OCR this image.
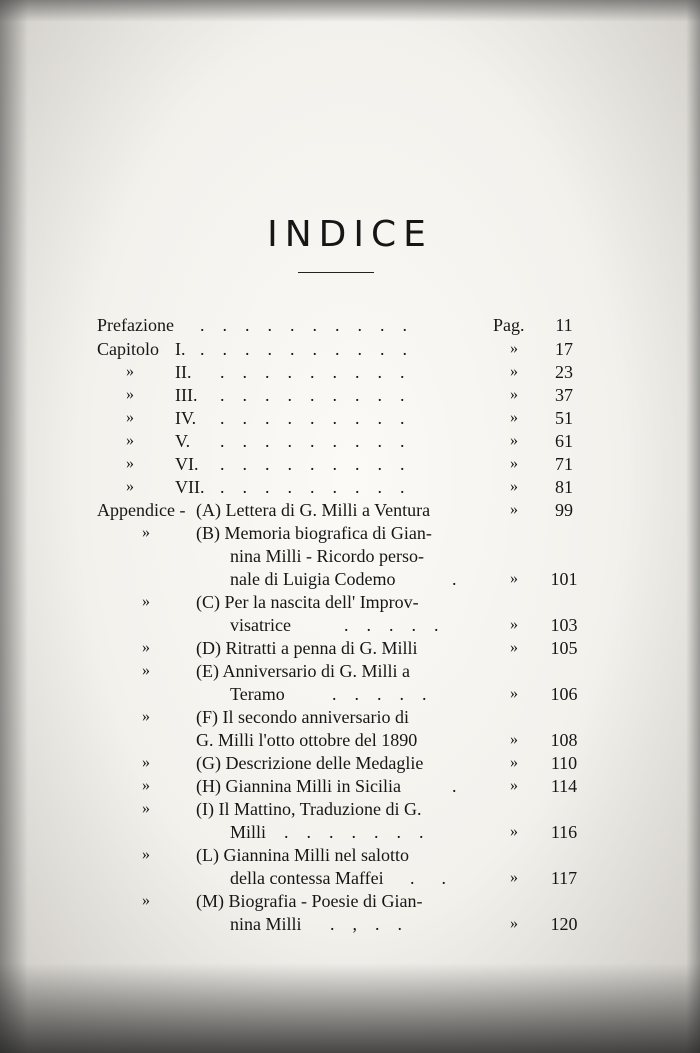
INDICE
Prefazione .    .    .    .    .    .    .    .    .    .	Pag.	11
Capitolo I. .    .    .    .    .    .    .    .    .    .	»	17
» II. .    .    .    .    .    .    .    .    .	»	23
» III. .    .    .    .    .    .    .    .    .	»	37
» IV. .    .    .    .    .    .    .    .    .	»	51
» V. .    .    .    .    .    .    .    .    .	»	61
» VI. .    .    .    .    .    .    .    .    .	»	71
» VII. .    .    .    .    .    .    .    .    .	»	81
Appendice - (A) Lettera di G. Milli a Ventura	»	99
»	(B) Memoria biografica di Gian-
nina Milli - Ricordo perso-
nale di Luigia Codemo	.	»	101
»	(C) Per la nascita dell' Improv-
visatrice	.    .    .    .    .	»	103
»	(D) Ritratti a penna di G. Milli	»	105
»	(E) Anniversario di G. Milli a
Teramo	.    .    .    .    .	»	106
»	(F) Il secondo anniversario di
G. Milli l'otto ottobre del 1890	»	108
»	(G) Descrizione delle Medaglie	»	110
»	(H) Giannina Milli in Sicilia	.	»	114
»	(I) Il Mattino, Traduzione di G.
Milli .    .    .    .    .    .    .	»	116
»	(L) Giannina Milli nel salotto
della contessa Maffei .      .	»	117
»	(M) Biografia - Poesie di Gian-
nina Milli .    ,    .    .	»	120
